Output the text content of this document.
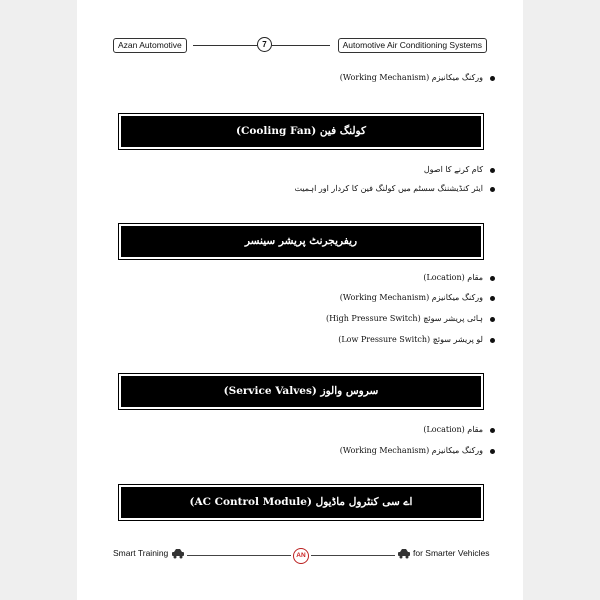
Azan Automotive	7	Automotive Air Conditioning Systems
ورکنگ میکانیزم (Working Mechanism)
کولنگ فین (Cooling Fan)
کام کرنے کا اصول
ایئر کنڈیشننگ سسٹم میں کولنگ فین کا کردار اور اہمیت
ریفریجرنٹ پریشر سینسر
مقام (Location)
ورکنگ میکانیزم (Working Mechanism)
ہائی پریشر سوئچ (High Pressure Switch)
لو پریشر سوئچ (Low Pressure Switch)
سروس والوز (Service Valves)
مقام (Location)
ورکنگ میکانیزم (Working Mechanism)
اے سی کنٹرول ماڈیول (AC Control Module)
Smart Training	AN	for Smarter Vehicles
